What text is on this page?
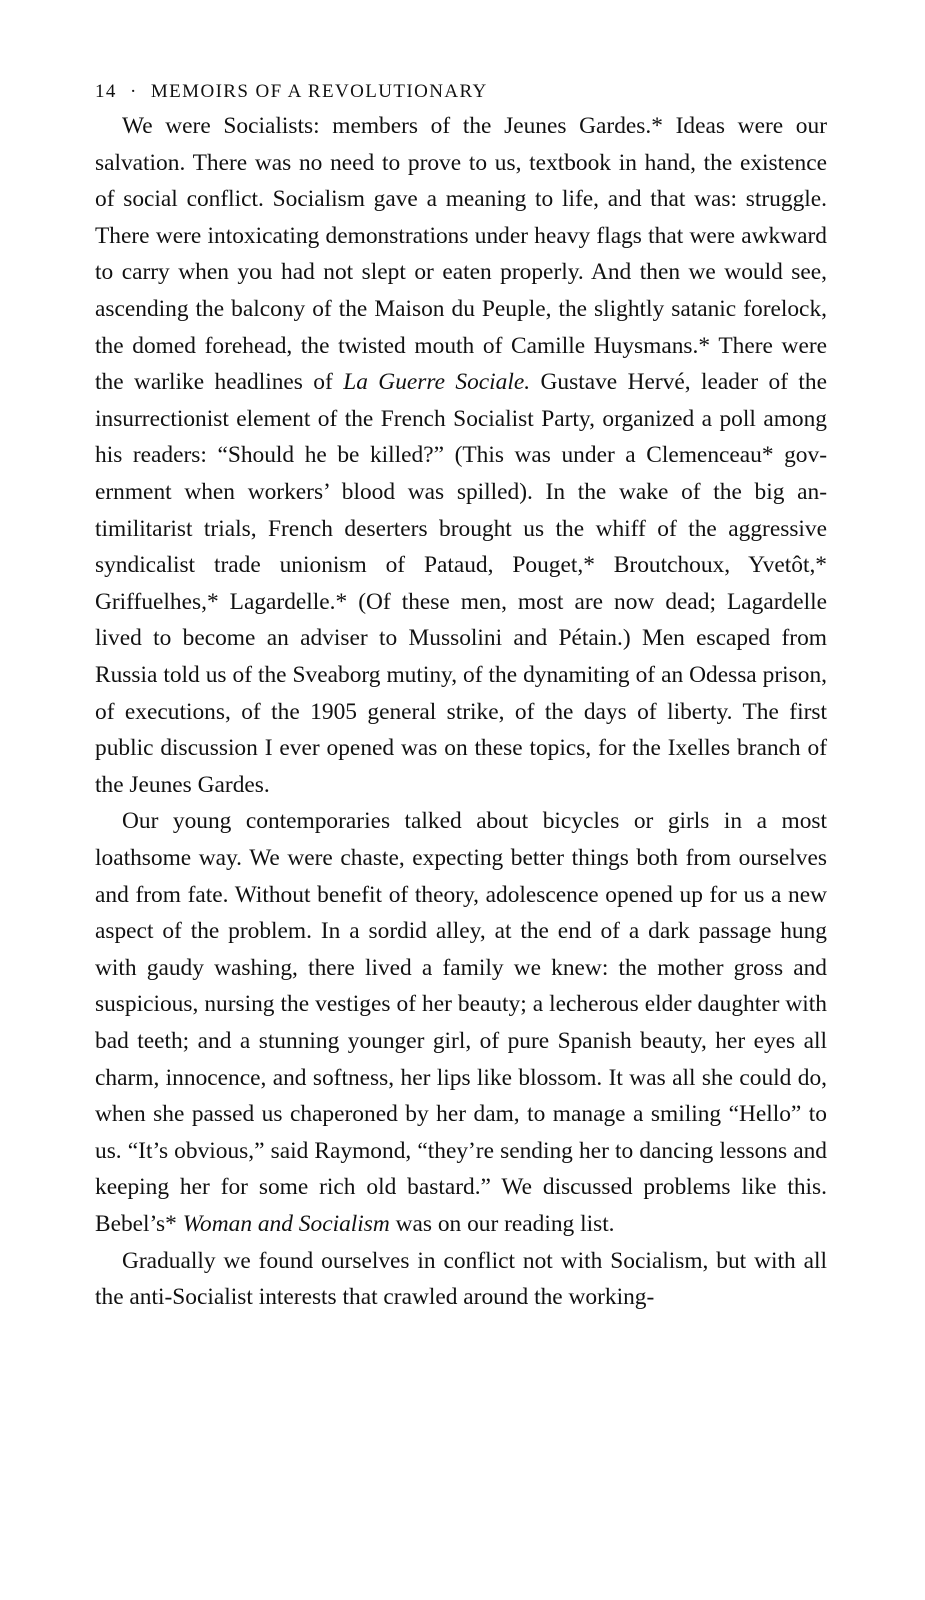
14 · MEMOIRS OF A REVOLUTIONARY

We were Socialists: members of the Jeunes Gardes.* Ideas were our salvation. There was no need to prove to us, textbook in hand, the existence of social conflict. Socialism gave a meaning to life, and that was: struggle. There were intoxicating demonstrations under heavy flags that were awkward to carry when you had not slept or eaten properly. And then we would see, ascending the balcony of the Maison du Peuple, the slightly satanic forelock, the domed forehead, the twisted mouth of Camille Huysmans.* There were the warlike headlines of La Guerre Sociale. Gustave Hervé, leader of the insurrectionist element of the French Socialist Party, organized a poll among his readers: “Should he be killed?” (This was under a Clemenceau* government when workers’ blood was spilled). In the wake of the big antimilitarist trials, French deserters brought us the whiff of the aggressive syndicalist trade unionism of Pataud, Pouget,* Broutchoux, Yvetôt,* Griffuelhes,* Lagardelle.* (Of these men, most are now dead; Lagardelle lived to become an adviser to Mussolini and Pétain.) Men escaped from Russia told us of the Sveaborg mutiny, of the dynamiting of an Odessa prison, of executions, of the 1905 general strike, of the days of liberty. The first public discussion I ever opened was on these topics, for the Ixelles branch of the Jeunes Gardes.

Our young contemporaries talked about bicycles or girls in a most loathsome way. We were chaste, expecting better things both from ourselves and from fate. Without benefit of theory, adolescence opened up for us a new aspect of the problem. In a sordid alley, at the end of a dark passage hung with gaudy washing, there lived a family we knew: the mother gross and suspicious, nursing the vestiges of her beauty; a lecherous elder daughter with bad teeth; and a stunning younger girl, of pure Spanish beauty, her eyes all charm, innocence, and softness, her lips like blossom. It was all she could do, when she passed us chaperoned by her dam, to manage a smiling “Hello” to us. “It’s obvious,” said Raymond, “they’re sending her to dancing lessons and keeping her for some rich old bastard.” We discussed problems like this. Bebel’s* Woman and Socialism was on our reading list.

Gradually we found ourselves in conflict not with Socialism, but with all the anti-Socialist interests that crawled around the working-
